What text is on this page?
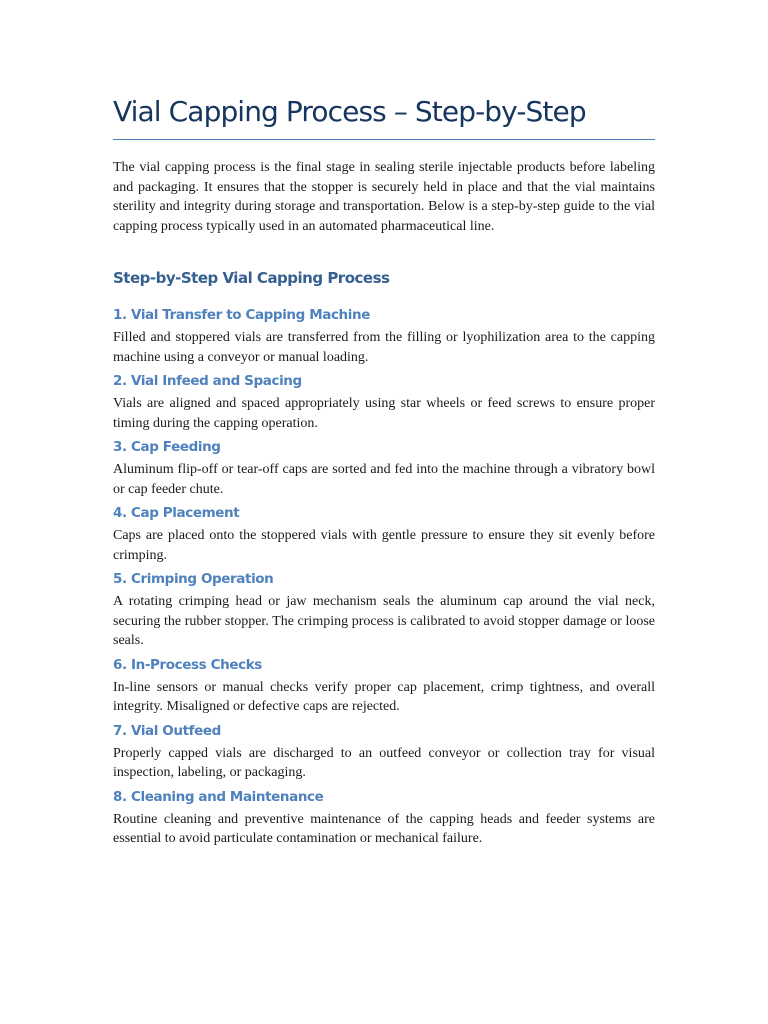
Vial Capping Process – Step-by-Step

The vial capping process is the final stage in sealing sterile injectable products before labeling and packaging. It ensures that the stopper is securely held in place and that the vial maintains sterility and integrity during storage and transportation. Below is a step-by-step guide to the vial capping process typically used in an automated pharmaceutical line.

Step-by-Step Vial Capping Process
1. Vial Transfer to Capping Machine

Filled and stoppered vials are transferred from the filling or lyophilization area to the capping machine using a conveyor or manual loading.

2. Vial Infeed and Spacing

Vials are aligned and spaced appropriately using star wheels or feed screws to ensure proper timing during the capping operation.

3. Cap Feeding

Aluminum flip-off or tear-off caps are sorted and fed into the machine through a vibratory bowl or cap feeder chute.

4. Cap Placement

Caps are placed onto the stoppered vials with gentle pressure to ensure they sit evenly before crimping.

5. Crimping Operation

A rotating crimping head or jaw mechanism seals the aluminum cap around the vial neck, securing the rubber stopper. The crimping process is calibrated to avoid stopper damage or loose seals.

6. In-Process Checks

In-line sensors or manual checks verify proper cap placement, crimp tightness, and overall integrity. Misaligned or defective caps are rejected.

7. Vial Outfeed

Properly capped vials are discharged to an outfeed conveyor or collection tray for visual inspection, labeling, or packaging.

8. Cleaning and Maintenance

Routine cleaning and preventive maintenance of the capping heads and feeder systems are essential to avoid particulate contamination or mechanical failure.
